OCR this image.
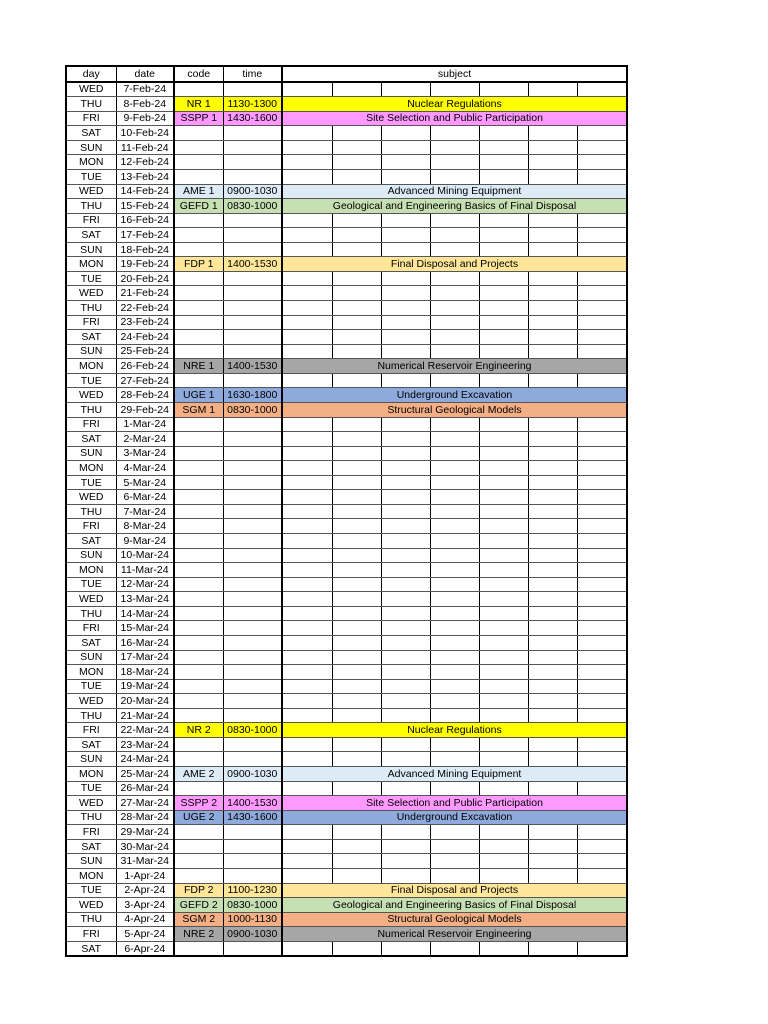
day	date	code	time	subject
WED	7-Feb-24			

THU	8-Feb-24	NR 1	1130-1300	Nuclear Regulations
FRI	9-Feb-24	SSPP 1	1430-1600	Site Selection and Public Participation
SAT	10-Feb-24			

SUN	11-Feb-24			

MON	12-Feb-24			

TUE	13-Feb-24			

WED	14-Feb-24	AME 1	0900-1030	Advanced Mining Equipment
THU	15-Feb-24	GEFD 1	0830-1000	Geological and Engineering Basics of Final Disposal
FRI	16-Feb-24			

SAT	17-Feb-24			

SUN	18-Feb-24			

MON	19-Feb-24	FDP 1	1400-1530	Final Disposal and Projects
TUE	20-Feb-24			

WED	21-Feb-24			

THU	22-Feb-24			

FRI	23-Feb-24			

SAT	24-Feb-24			

SUN	25-Feb-24			

MON	26-Feb-24	NRE 1	1400-1530	Numerical Reservoir Engineering
TUE	27-Feb-24			

WED	28-Feb-24	UGE 1	1630-1800	Underground Excavation
THU	29-Feb-24	SGM 1	0830-1000	Structural Geological Models
FRI	1-Mar-24			

SAT	2-Mar-24			

SUN	3-Mar-24			

MON	4-Mar-24			

TUE	5-Mar-24			

WED	6-Mar-24			

THU	7-Mar-24			

FRI	8-Mar-24			

SAT	9-Mar-24			

SUN	10-Mar-24			

MON	11-Mar-24			

TUE	12-Mar-24			

WED	13-Mar-24			

THU	14-Mar-24			

FRI	15-Mar-24			

SAT	16-Mar-24			

SUN	17-Mar-24			

MON	18-Mar-24			

TUE	19-Mar-24			

WED	20-Mar-24			

THU	21-Mar-24			

FRI	22-Mar-24	NR 2	0830-1000	Nuclear Regulations
SAT	23-Mar-24			

SUN	24-Mar-24			

MON	25-Mar-24	AME 2	0900-1030	Advanced Mining Equipment
TUE	26-Mar-24			

WED	27-Mar-24	SSPP 2	1400-1530	Site Selection and Public Participation
THU	28-Mar-24	UGE 2	1430-1600	Underground Excavation
FRI	29-Mar-24			

SAT	30-Mar-24			

SUN	31-Mar-24			

MON	1-Apr-24			

TUE	2-Apr-24	FDP 2	1100-1230	Final Disposal and Projects
WED	3-Apr-24	GEFD 2	0830-1000	Geological and Engineering Basics of Final Disposal
THU	4-Apr-24	SGM 2	1000-1130	Structural Geological Models
FRI	5-Apr-24	NRE 2	0900-1030	Numerical Reservoir Engineering
SAT	6-Apr-24			
